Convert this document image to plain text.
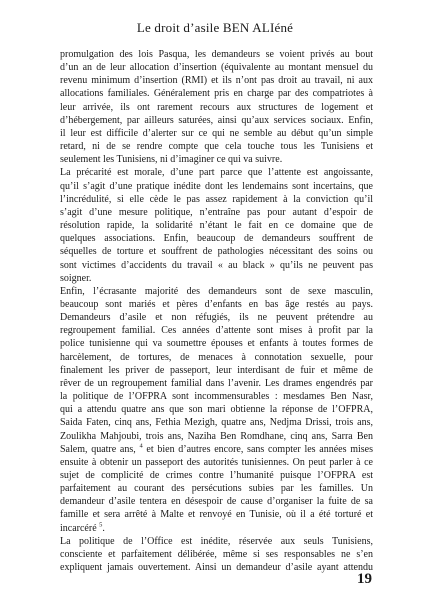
Le droit d’asile BEN ALIéné

promulgation des lois Pasqua, les demandeurs se voient privés au bout
d’un an de leur allocation d’insertion (équivalente au montant mensuel du
revenu minimum d’insertion (RMI) et ils n’ont pas droit au travail, ni aux
allocations familiales. Généralement pris en charge par des compatriotes à
leur arrivée, ils ont rarement recours aux structures de logement et
d’hébergement, par ailleurs saturées, ainsi qu’aux services sociaux. Enfin,
il leur est difficile d’alerter sur ce qui ne semble au début qu’un simple
retard, ni de se rendre compte que cela touche tous les Tunisiens et
seulement les Tunisiens, ni d’imaginer ce qui va suivre.

La précarité est morale, d’une part parce que l’attente est angoissante,
qu’il s’agit d’une pratique inédite dont les lendemains sont incertains, que
l’incrédulité, si elle cède le pas assez rapidement à la conviction qu’il
s’agit d’une mesure politique, n’entraîne pas pour autant d’espoir de
résolution rapide, la solidarité n’étant le fait en ce domaine que de
quelques associations. Enfin, beaucoup de demandeurs souffrent de
séquelles de torture et souffrent de pathologies nécessitant des soins ou
sont victimes d’accidents du travail « au black » qu’ils ne peuvent pas
soigner.

Enfin, l’écrasante majorité des demandeurs sont de sexe masculin,
beaucoup sont mariés et pères d’enfants en bas âge restés au pays.
Demandeurs d’asile et non réfugiés, ils ne peuvent prétendre au
regroupement familial. Ces années d’attente sont mises à profit par la
police tunisienne qui va soumettre épouses et enfants à toutes formes de
harcèlement, de tortures, de menaces à connotation sexuelle, pour
finalement les priver de passeport, leur interdisant de fuir et même de
rêver de un regroupement familial dans l’avenir. Les drames engendrés par
la politique de l’OFPRA sont incommensurables : mesdames Ben Nasr,
qui a attendu quatre ans que son mari obtienne la réponse de l’OFPRA,
Saida Faten, cinq ans, Fethia Mezigh, quatre ans, Nedjma Drissi, trois ans,
Zoulikha Mahjoubi, trois ans, Naziha Ben Romdhane, cinq ans, Sarra Ben
Salem, quatre ans, $^4$ et bien d’autres encore, sans compter les années mises
ensuite à obtenir un passeport des autorités tunisiennes. On peut parler à ce
sujet de complicité de crimes contre l’humanité puisque l’OFPRA est
parfaitement au courant des persécutions subies par les familles. Un
demandeur d’asile tentera en désespoir de cause d’organiser la fuite de sa
famille et sera arrêté à Malte et renvoyé en Tunisie, où il a été torturé et
incarcéré $^5$.

La politique de l’Office est inédite, réservée aux seuls Tunisiens,
consciente et parfaitement délibérée, même si ses responsables ne s’en
expliquent jamais ouvertement. Ainsi un demandeur d’asile ayant attendu

19
